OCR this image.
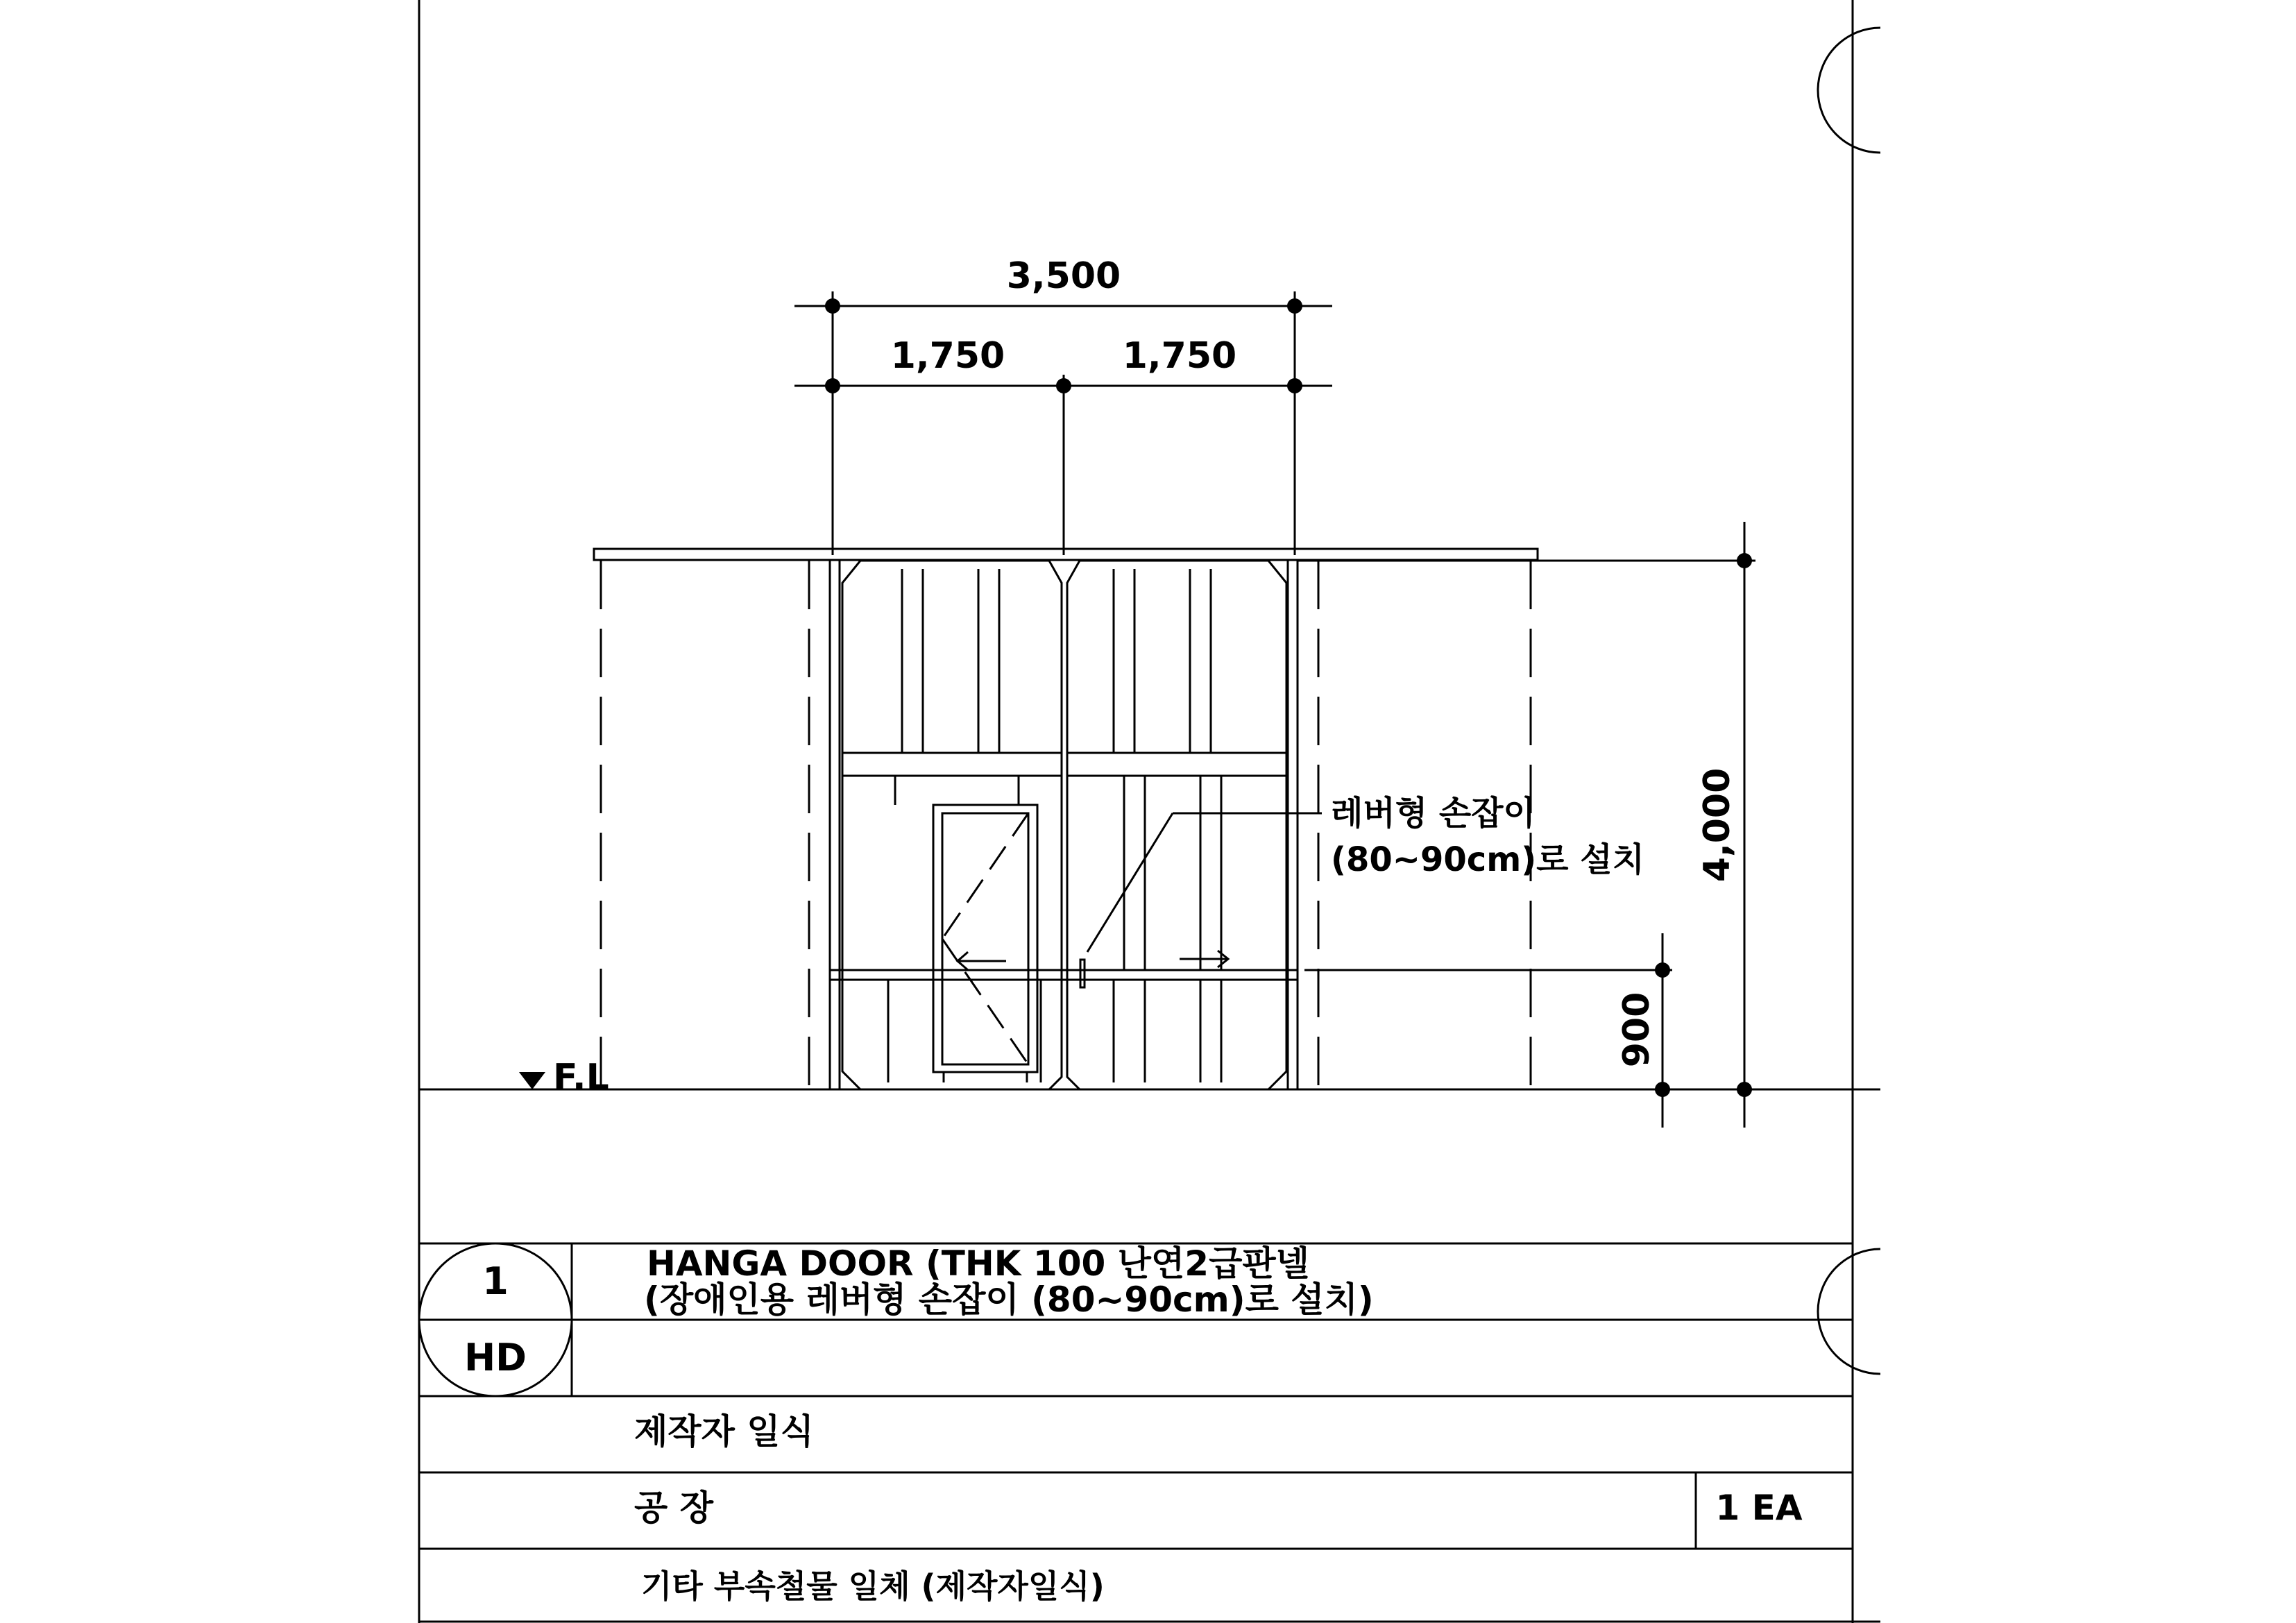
F.L
3,500
1,750	1,750
4,000
900
레버형 손잡이
(80~90cm)로 설치
1
HD
HANGA DOOR (THK 100 난연2급판넬
(장애인용 레버형 손잡이 (80~90cm)로 설치)
제작자 일식
공 장	1 EA
기타 부속철물 일체 (제작자일식)
